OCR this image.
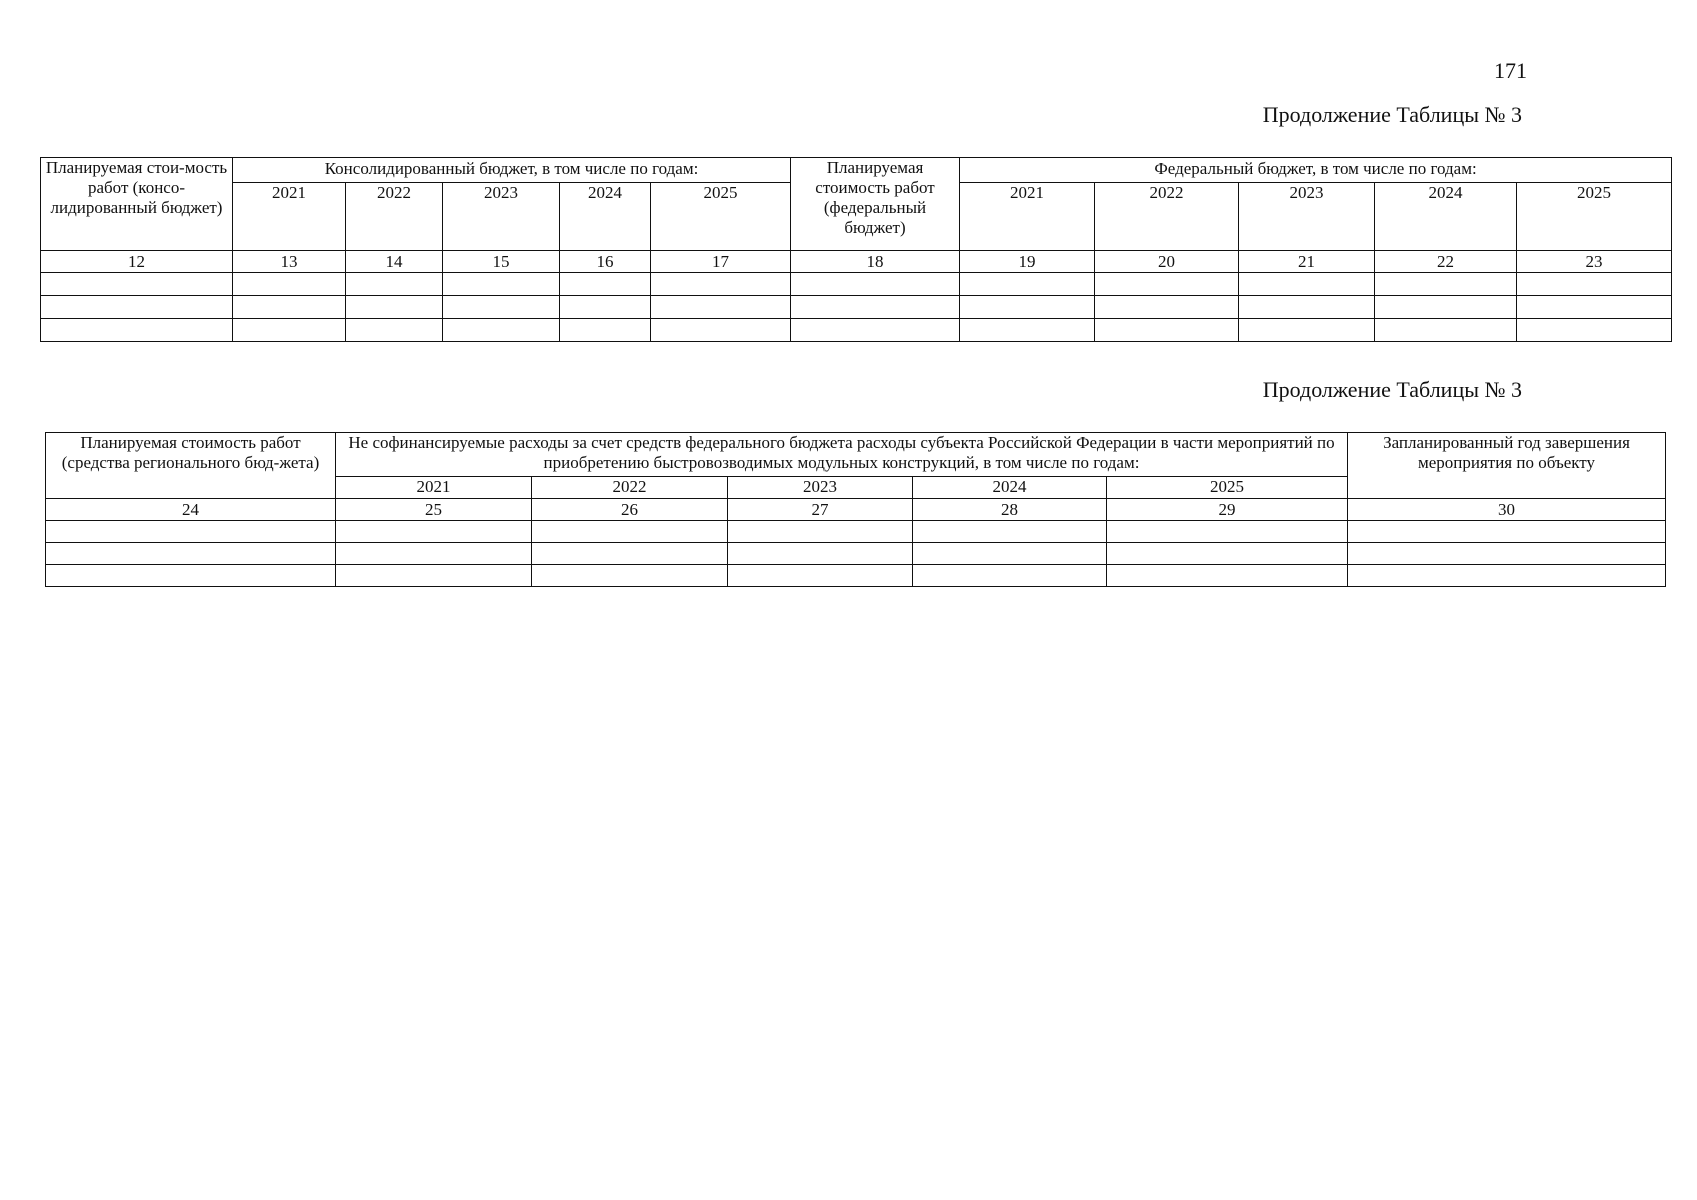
171
Продолжение Таблицы № 3
Планируемая стои-мость работ (консо-лидированный бюджет)	Консолидированный бюджет, в том числе по годам:					Планируемая стоимость работ (федеральный бюджет)	Федеральный бюджет, в том числе по годам:				
	2021	2022	2023	2024	2025		2021	2022	2023	2024	2025
12	13	14	15	16	17	18	19	20	21	22	23

Продолжение Таблицы № 3
Планируемая стоимость работ (средства регионального бюд-жета)	Не софинансируемые расходы за счет средств федерального бюджета расходы субъекта Российской Федерации в части мероприятий по приобретению быстровозводимых модульных конструкций, в том числе по годам:					Запланированный год завершения мероприятия по объекту
	2021	2022	2023	2024	2025	
24	25	26	27	28	29	30
